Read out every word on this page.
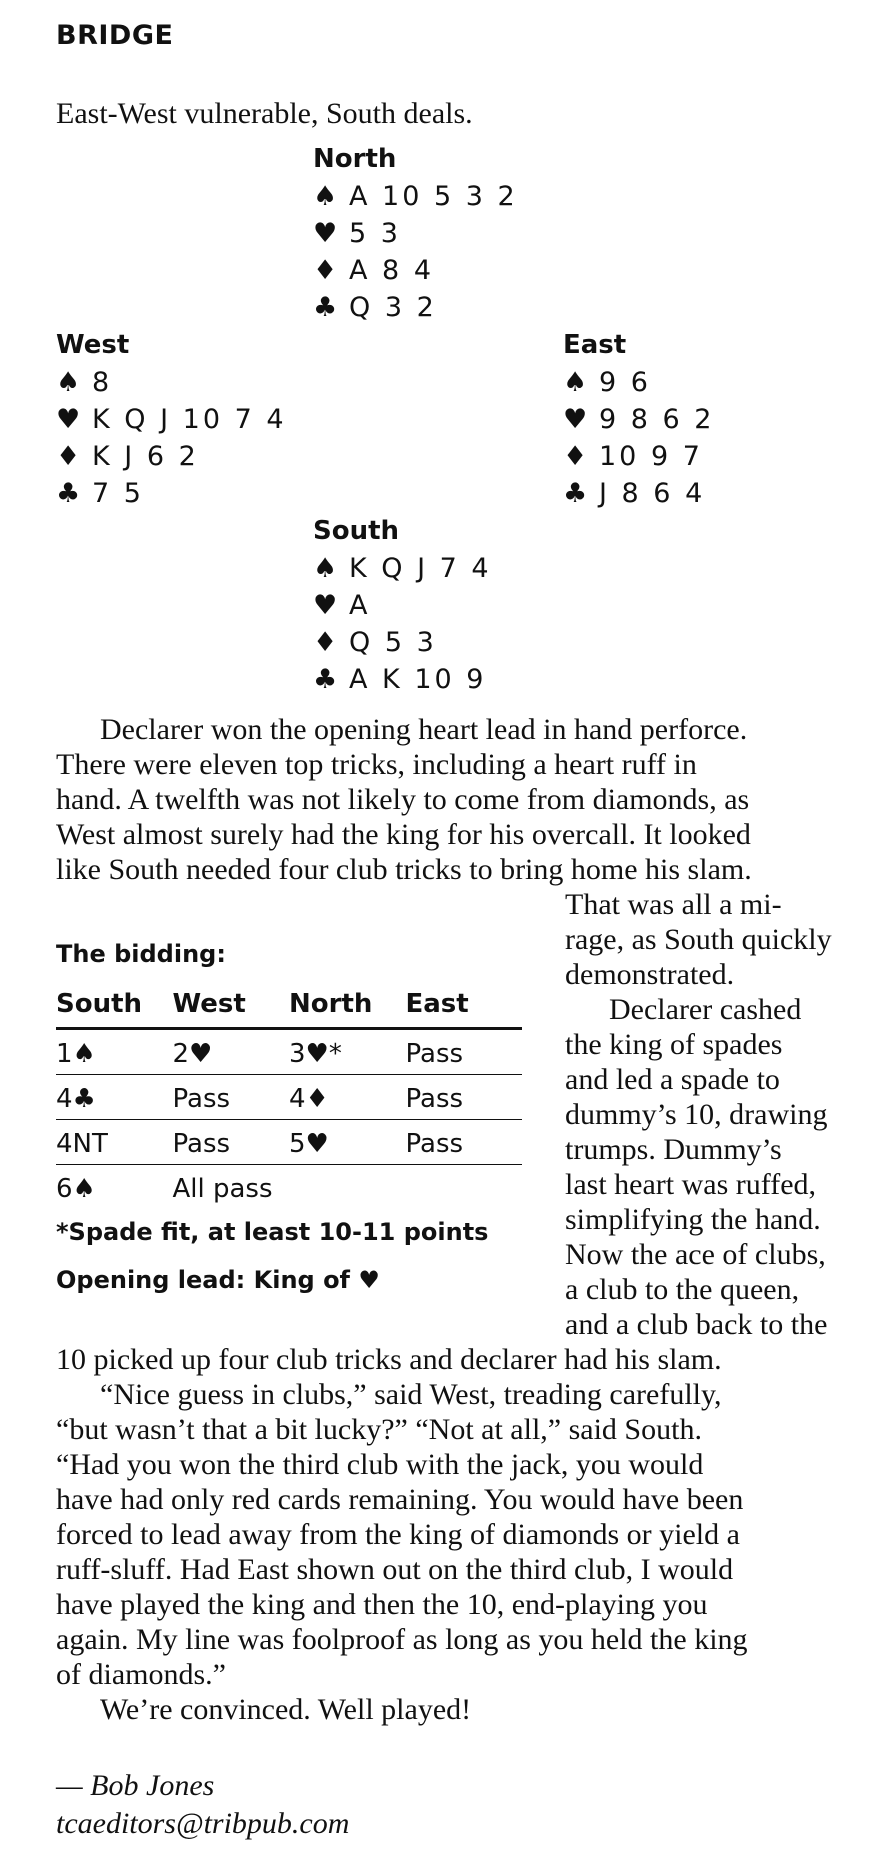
BRIDGE
East-West vulnerable, South deals.
North
♠ A 10 5 3 2
♥ 5 3
♦ A 8 4
♣ Q 3 2
West
♠ 8
♥ K Q J 10 7 4
♦ K J 6 2
♣ 7 5
East
♠ 9 6
♥ 9 8 6 2
♦ 10 9 7
♣ J 8 6 4
South
♠ K Q J 7 4
♥ A
♦ Q 5 3
♣ A K 10 9
Declarer won the opening heart lead in hand perforce.
There were eleven top tricks, including a heart ruff in
hand. A twelfth was not likely to come from diamonds, as
West almost surely had the king for his overcall. It looked
like South needed four club tricks to bring home his slam.
That was all a mi-
rage, as South quickly
demonstrated.
Declarer cashed
the king of spades
and led a spade to
dummy’s 10, drawing
trumps. Dummy’s
last heart was ruffed,
simplifying the hand.
Now the ace of clubs,
a club to the queen,
and a club back to the
The bidding:
South	West	North	East
1♠	2♥	3♥*	Pass
4♣	Pass	4♦	Pass
4NT	Pass	5♥	Pass
6♠	All pass		
*Spade fit, at least 10-11 points
Opening lead: King of ♥
10 picked up four club tricks and declarer had his slam.
“Nice guess in clubs,” said West, treading carefully,
“but wasn’t that a bit lucky?” “Not at all,” said South.
“Had you won the third club with the jack, you would
have had only red cards remaining. You would have been
forced to lead away from the king of diamonds or yield a
ruff-sluff. Had East shown out on the third club, I would
have played the king and then the 10, end-playing you
again. My line was foolproof as long as you held the king
of diamonds.”
We’re convinced. Well played!
— Bob Jones
tcaeditors@tribpub.com
